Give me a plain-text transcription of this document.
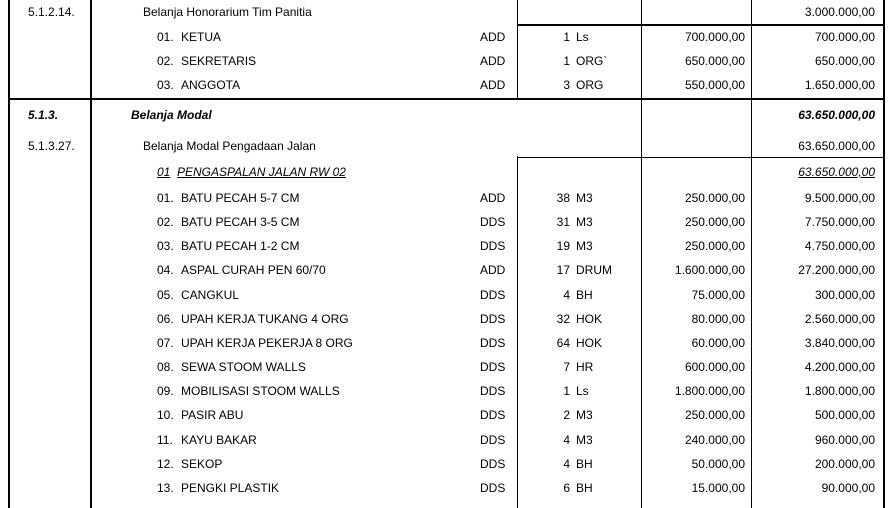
5.1.2.14.	Belanja Honorarium Tim Panitia	3.000.000,00
01. KETUA	ADD	1 Ls	700.000,00	700.000,00
02. SEKRETARIS	ADD	1 ORG`	650.000,00	650.000,00
03. ANGGOTA	ADD	3 ORG	550.000,00	1.650.000,00
5.1.3.	Belanja Modal	63.650.000,00
5.1.3.27.	Belanja Modal Pengadaan Jalan	63.650.000,00
01 PENGASPALAN JALAN RW 02	63.650.000,00
01. BATU PECAH 5-7 CM	ADD	38 M3	250.000,00	9.500.000,00
02. BATU PECAH 3-5 CM	DDS	31 M3	250.000,00	7.750.000,00
03. BATU PECAH 1-2 CM	DDS	19 M3	250.000,00	4.750.000,00
04. ASPAL CURAH PEN 60/70	ADD	17 DRUM	1.600.000,00	27.200.000,00
05. CANGKUL	DDS	4 BH	75.000,00	300.000,00
06. UPAH KERJA TUKANG 4 ORG	DDS	32 HOK	80.000,00	2.560.000,00
07. UPAH KERJA PEKERJA 8 ORG	DDS	64 HOK	60.000,00	3.840.000,00
08. SEWA STOOM WALLS	DDS	7 HR	600.000,00	4.200.000,00
09. MOBILISASI STOOM WALLS	DDS	1 Ls	1.800.000,00	1.800.000,00
10. PASIR ABU	DDS	2 M3	250.000,00	500.000,00
11. KAYU BAKAR	DDS	4 M3	240.000,00	960.000,00
12. SEKOP	DDS	4 BH	50.000,00	200.000,00
13. PENGKI PLASTIK	DDS	6 BH	15.000,00	90.000,00
